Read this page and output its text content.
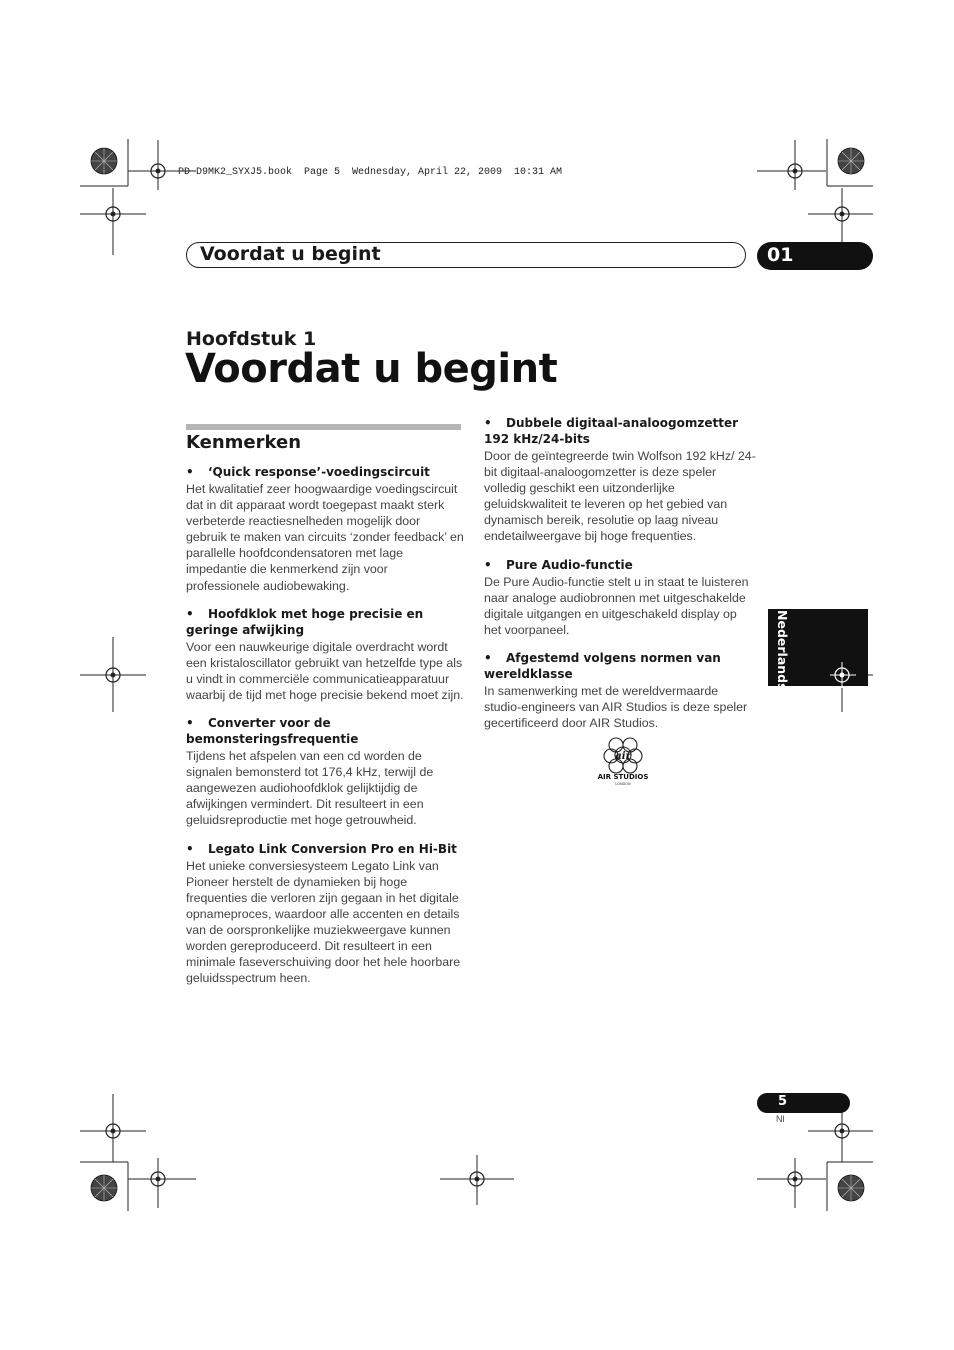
PD-D9MK2_SYXJ5.book  Page 5  Wednesday, April 22, 2009  10:31 AM
Voordat u begint	01
Hoofdstuk 1
Voordat u begint
Kenmerken
• ‘Quick response’-voedingscircuit
Het kwalitatief zeer hoogwaardige voedingscircuit dat in dit apparaat wordt toegepast maakt sterk verbeterde reactiesnelheden mogelijk door gebruik te maken van circuits ‘zonder feedback’ en parallelle hoofdcondensatoren met lage impedantie die kenmerkend zijn voor professionele audiobewaking.
• Hoofdklok met hoge precisie en geringe afwijking
Voor een nauwkeurige digitale overdracht wordt een kristaloscillator gebruikt van hetzelfde type als u vindt in commerciële communicatieapparatuur waarbij de tijd met hoge precisie bekend moet zijn.
• Converter voor de bemonsteringsfrequentie
Tijdens het afspelen van een cd worden de signalen bemonsterd tot 176,4 kHz, terwijl de aangewezen audiohoofdklok gelijktijdig de afwijkingen vermindert. Dit resulteert in een geluidsreproductie met hoge getrouwheid.
• Legato Link Conversion Pro en Hi-Bit
Het unieke conversiesysteem Legato Link van Pioneer herstelt de dynamieken bij hoge frequenties die verloren zijn gegaan in het digitale opnameproces, waardoor alle accenten en details van de oorspronkelijke muziekweergave kunnen worden gereproduceerd. Dit resulteert in een minimale faseverschuiving door het hele hoorbare geluidsspectrum heen.
• Dubbele digitaal-analoogomzetter 192 kHz/24-bits
Door de geïntegreerde twin Wolfson 192 kHz/ 24-bit digitaal-analoogomzetter is deze speler volledig geschikt een uitzonderlijke geluidskwaliteit te leveren op het gebied van dynamisch bereik, resolutie op laag niveau endetailweergave bij hoge frequenties.
• Pure Audio-functie
De Pure Audio-functie stelt u in staat te luisteren naar analoge audiobronnen met uitgeschakelde digitale uitgangen en uitgeschakeld display op het voorpaneel.
• Afgestemd volgens normen van wereldklasse
In samenwerking met de wereldvermaarde studio-engineers van AIR Studios is deze speler gecertificeerd door AIR Studios.
air
AIR STUDIOS
LONDON
Nederlands
5
Nl
